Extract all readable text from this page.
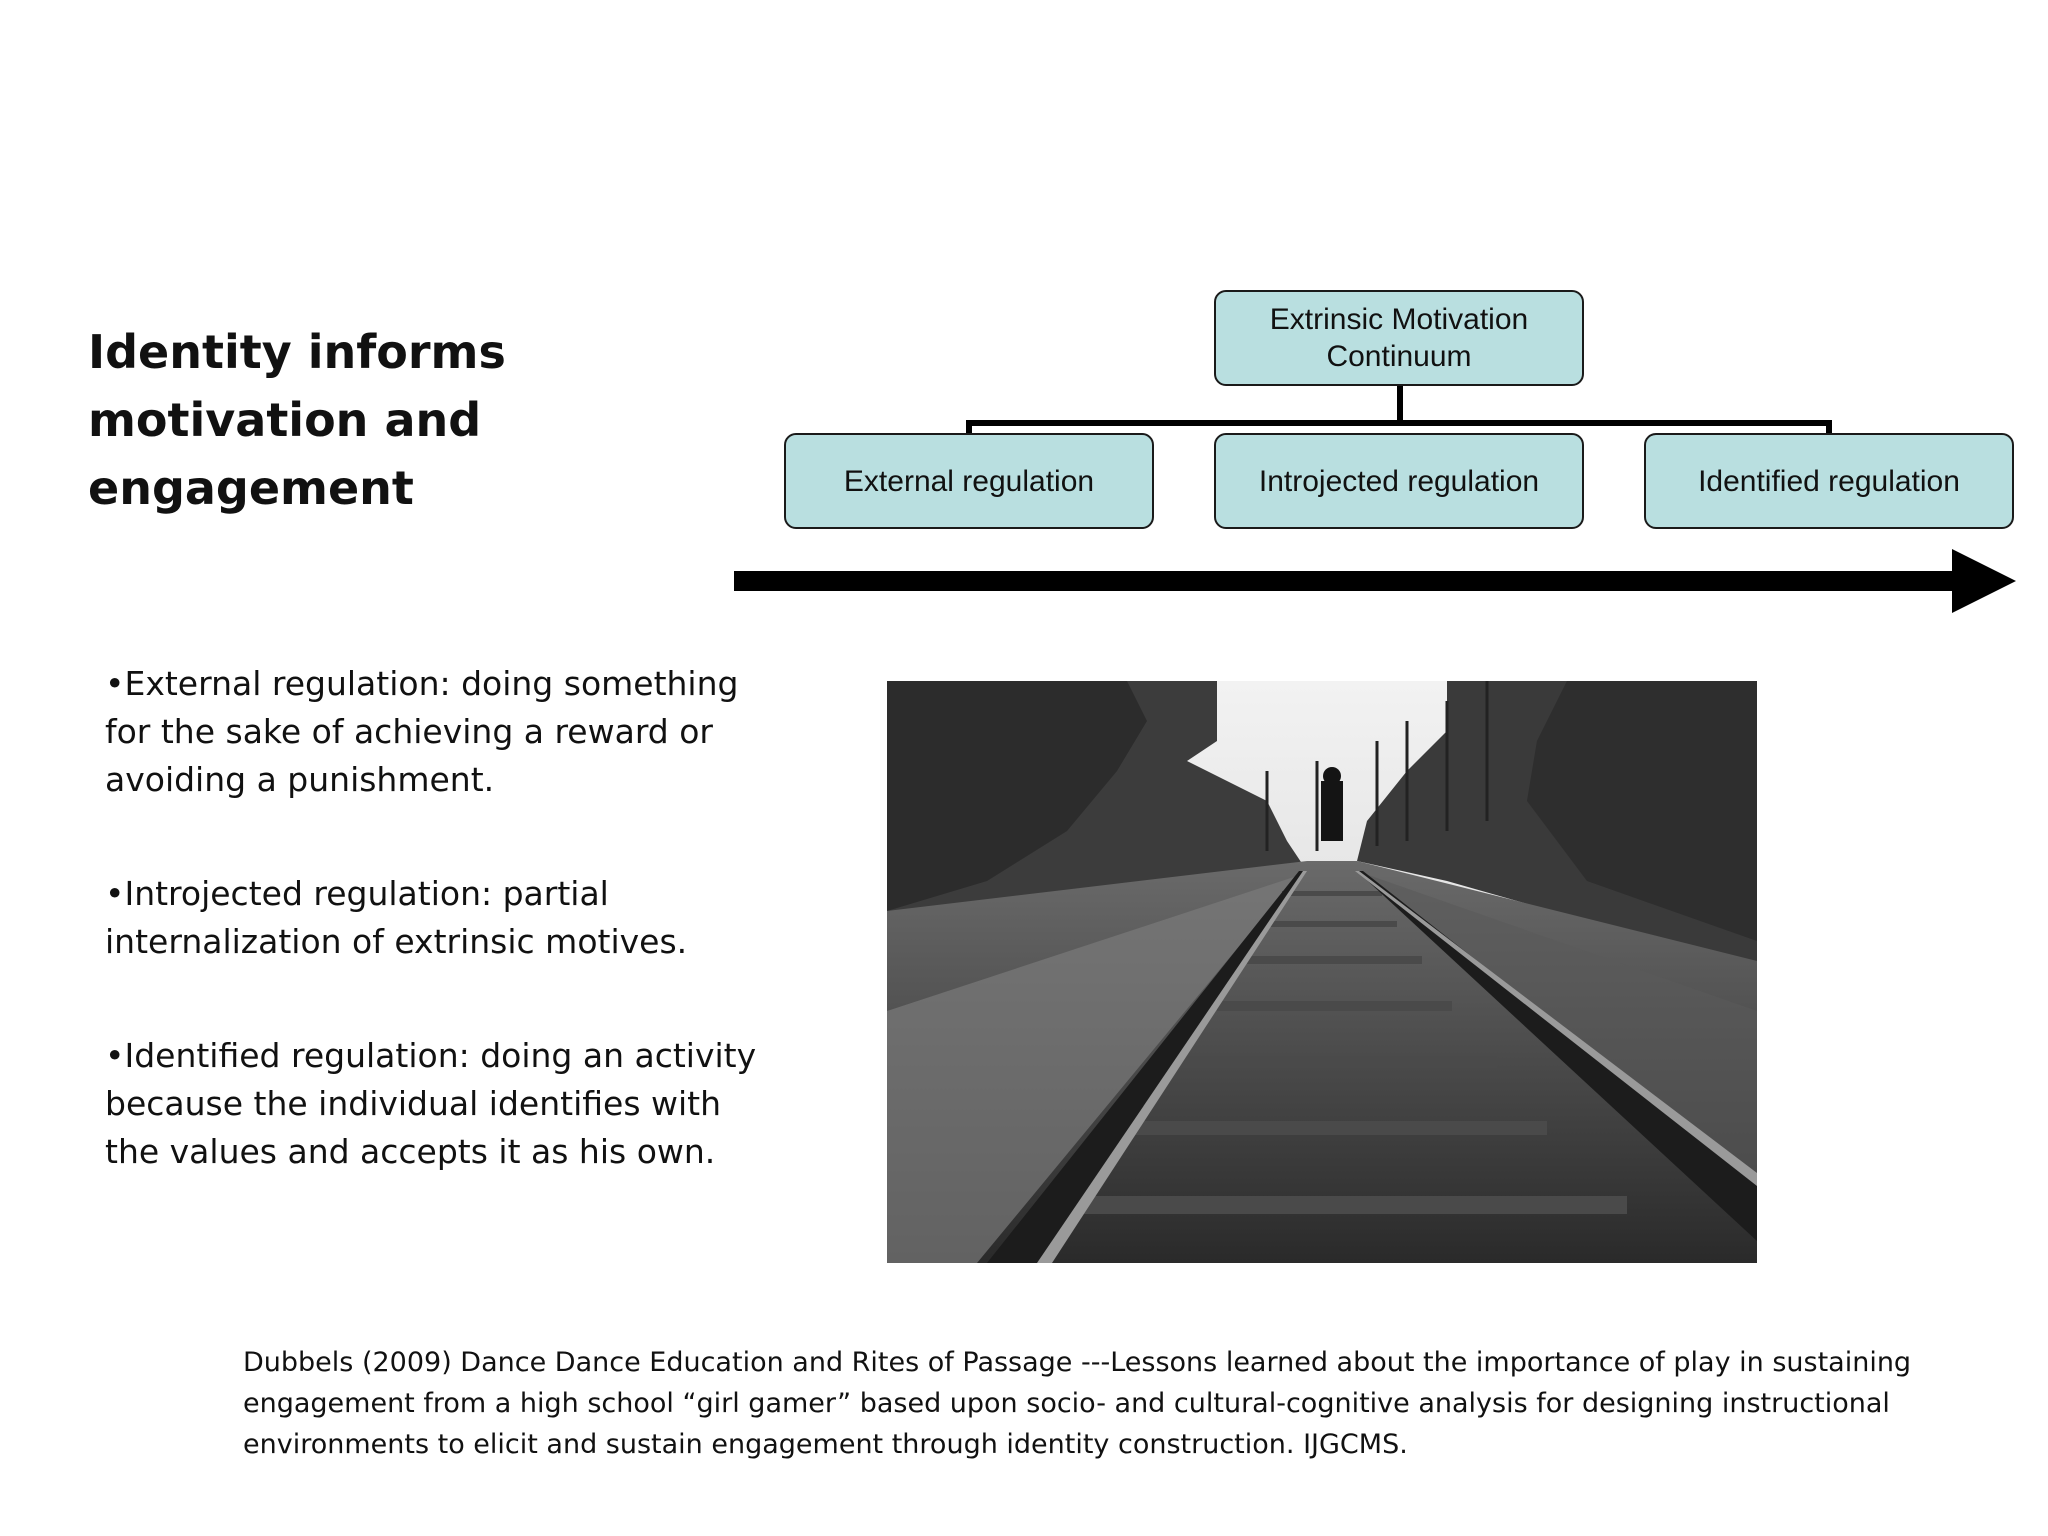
Identity informs
motivation and
engagement
Extrinsic Motivation
Continuum
External regulation	Introjected regulation	Identified regulation

•External regulation: doing something for the sake of achieving a reward or avoiding a punishment.

•Introjected regulation: partial internalization of extrinsic motives.

•Identified regulation: doing an activity because the individual identifies with the values and accepts it as his own.

Dubbels (2009) Dance Dance Education and Rites of Passage ---Lessons learned about the importance of play in sustaining engagement from a high school “girl gamer” based upon socio- and cultural-cognitive analysis for designing instructional environments to elicit and sustain engagement through identity construction. IJGCMS.
